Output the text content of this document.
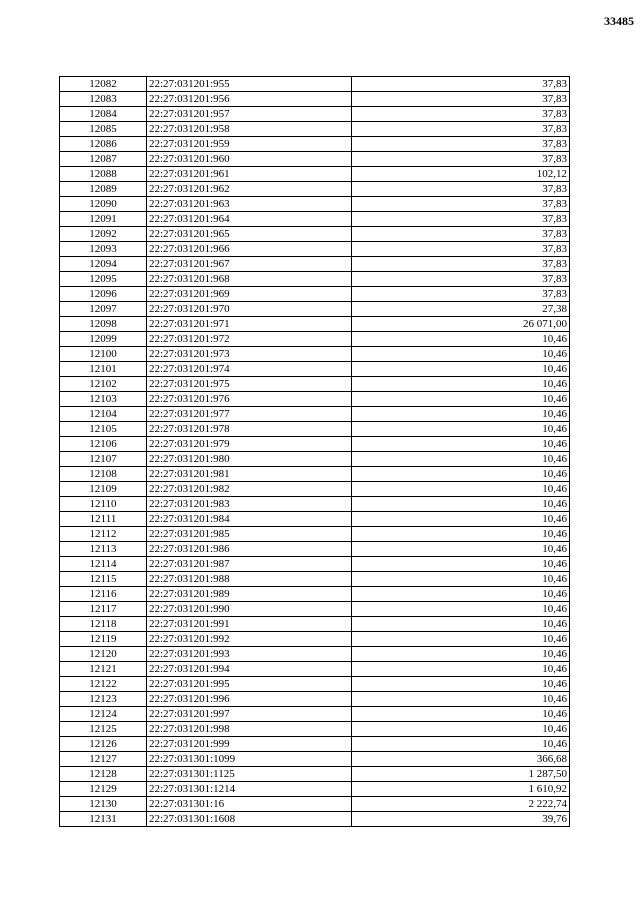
33485
12082	22:27:031201:955	37,83
12083	22:27:031201:956	37,83
12084	22:27:031201:957	37,83
12085	22:27:031201:958	37,83
12086	22:27:031201:959	37,83
12087	22:27:031201:960	37,83
12088	22:27:031201:961	102,12
12089	22:27:031201:962	37,83
12090	22:27:031201:963	37,83
12091	22:27:031201:964	37,83
12092	22:27:031201:965	37,83
12093	22:27:031201:966	37,83
12094	22:27:031201:967	37,83
12095	22:27:031201:968	37,83
12096	22:27:031201:969	37,83
12097	22:27:031201:970	27,38
12098	22:27:031201:971	26 071,00
12099	22:27:031201:972	10,46
12100	22:27:031201:973	10,46
12101	22:27:031201:974	10,46
12102	22:27:031201:975	10,46
12103	22:27:031201:976	10,46
12104	22:27:031201:977	10,46
12105	22:27:031201:978	10,46
12106	22:27:031201:979	10,46
12107	22:27:031201:980	10,46
12108	22:27:031201:981	10,46
12109	22:27:031201:982	10,46
12110	22:27:031201:983	10,46
12111	22:27:031201:984	10,46
12112	22:27:031201:985	10,46
12113	22:27:031201:986	10,46
12114	22:27:031201:987	10,46
12115	22:27:031201:988	10,46
12116	22:27:031201:989	10,46
12117	22:27:031201:990	10,46
12118	22:27:031201:991	10,46
12119	22:27:031201:992	10,46
12120	22:27:031201:993	10,46
12121	22:27:031201:994	10,46
12122	22:27:031201:995	10,46
12123	22:27:031201:996	10,46
12124	22:27:031201:997	10,46
12125	22:27:031201:998	10,46
12126	22:27:031201:999	10,46
12127	22:27:031301:1099	366,68
12128	22:27:031301:1125	1 287,50
12129	22:27:031301:1214	1 610,92
12130	22:27:031301:16	2 222,74
12131	22:27:031301:1608	39,76
